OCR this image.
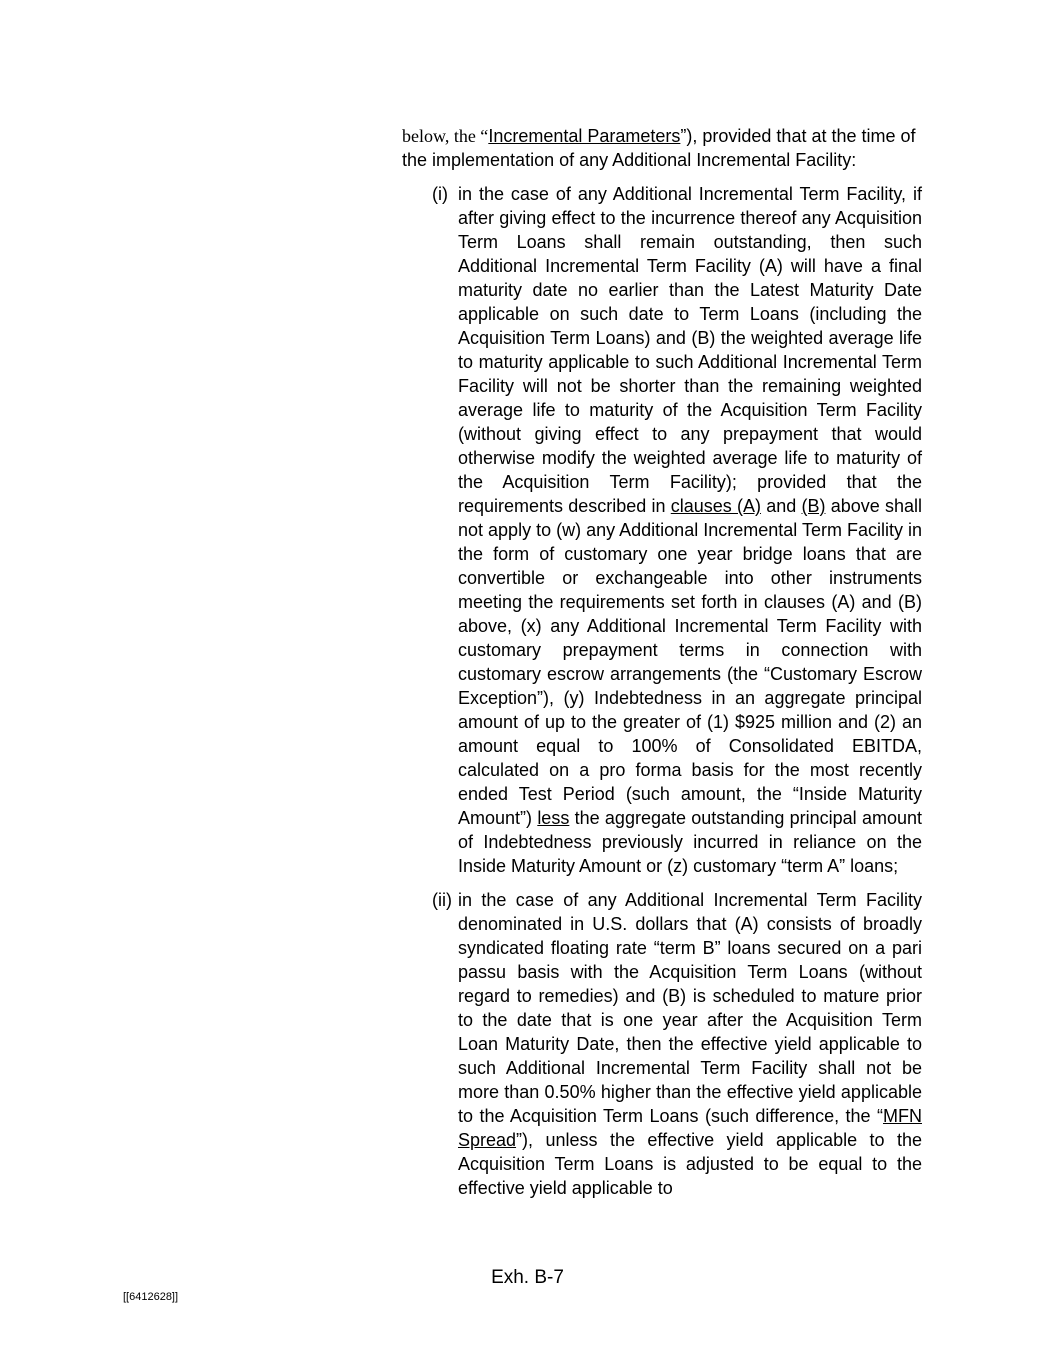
below, the “Incremental Parameters”), provided that at the time of the implementation of any Additional Incremental Facility:

(i) in the case of any Additional Incremental Term Facility, if after giving effect to the incurrence thereof any Acquisition Term Loans shall remain outstanding, then such Additional Incremental Term Facility (A) will have a final maturity date no earlier than the Latest Maturity Date applicable on such date to Term Loans (including the Acquisition Term Loans) and (B) the weighted average life to maturity applicable to such Additional Incremental Term Facility will not be shorter than the remaining weighted average life to maturity of the Acquisition Term Facility (without giving effect to any prepayment that would otherwise modify the weighted average life to maturity of the Acquisition Term Facility); provided that the requirements described in clauses (A) and (B) above shall not apply to (w) any Additional Incremental Term Facility in the form of customary one year bridge loans that are convertible or exchangeable into other instruments meeting the requirements set forth in clauses (A) and (B) above, (x) any Additional Incremental Term Facility with customary prepayment terms in connection with customary escrow arrangements (the “Customary Escrow Exception”), (y) Indebtedness in an aggregate principal amount of up to the greater of (1) $925 million and (2) an amount equal to 100% of Consolidated EBITDA, calculated on a pro forma basis for the most recently ended Test Period (such amount, the “Inside Maturity Amount”) less the aggregate outstanding principal amount of Indebtedness previously incurred in reliance on the Inside Maturity Amount or (z) customary “term A” loans;

(ii) in the case of any Additional Incremental Term Facility denominated in U.S. dollars that (A) consists of broadly syndicated floating rate “term B” loans secured on a pari passu basis with the Acquisition Term Loans (without regard to remedies) and (B) is scheduled to mature prior to the date that is one year after the Acquisition Term Loan Maturity Date, then the effective yield applicable to such Additional Incremental Term Facility shall not be more than 0.50% higher than the effective yield applicable to the Acquisition Term Loans (such difference, the “MFN Spread”), unless the effective yield applicable to the Acquisition Term Loans is adjusted to be equal to the effective yield applicable to

Exh. B-7
[[6412628]]
